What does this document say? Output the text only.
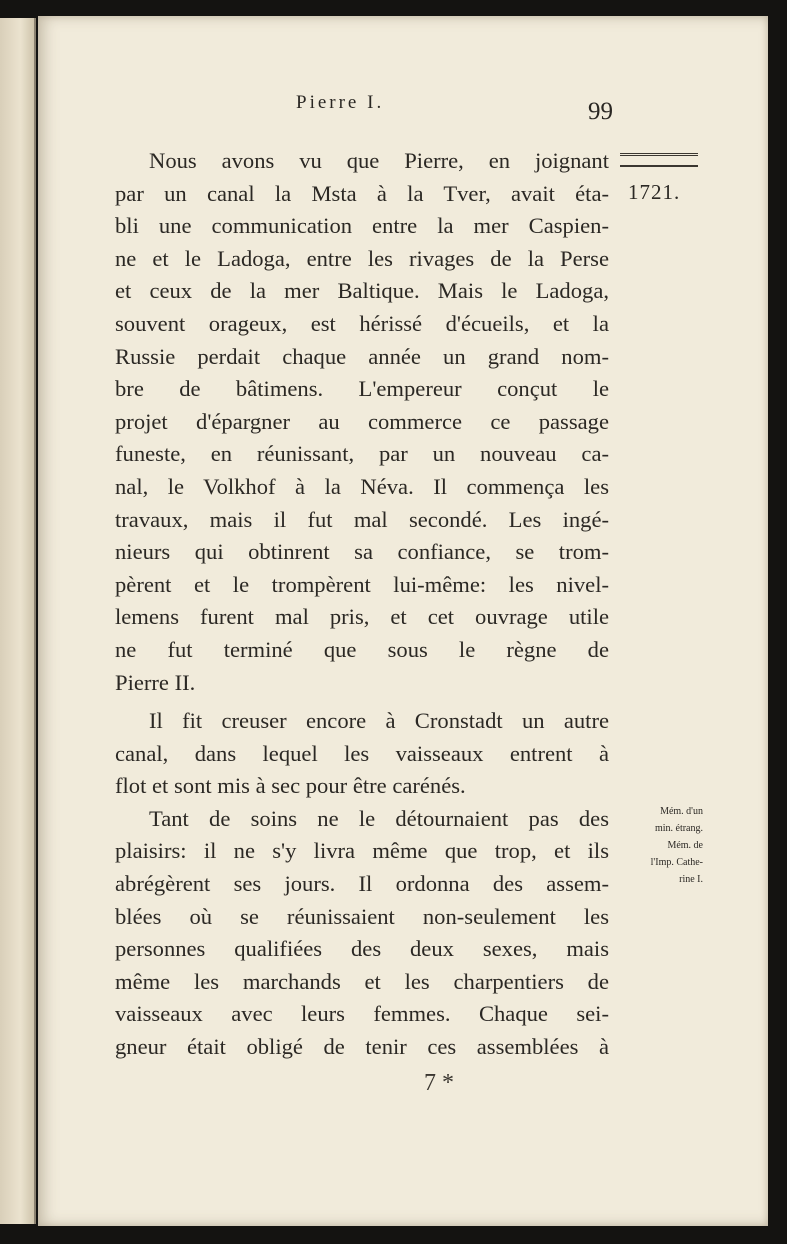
Pierre I.	99
1721.
Nous avons vu que Pierre, en joignant
par un canal la Msta à la Tver, avait éta-
bli une communication entre la mer Caspien-
ne et le Ladoga, entre les rivages de la Perse
et ceux de la mer Baltique. Mais le Ladoga,
souvent orageux, est hérissé d'écueils, et la
Russie perdait chaque année un grand nom-
bre de bâtimens. L'empereur conçut le
projet d'épargner au commerce ce passage
funeste, en réunissant, par un nouveau ca-
nal, le Volkhof à la Néva. Il commença les
travaux, mais il fut mal secondé. Les ingé-
nieurs qui obtinrent sa confiance, se trom-
pèrent et le trompèrent lui-même: les nivel-
lemens furent mal pris, et cet ouvrage utile
ne fut terminé que sous le règne de
Pierre II.
Il fit creuser encore à Cronstadt un autre
canal, dans lequel les vaisseaux entrent à
flot et sont mis à sec pour être carénés.
Tant de soins ne le détournaient pas des
plaisirs: il ne s'y livra même que trop, et ils
abrégèrent ses jours. Il ordonna des assem-
blées où se réunissaient non-seulement les
personnes qualifiées des deux sexes, mais
même les marchands et les charpentiers de
vaisseaux avec leurs femmes. Chaque sei-
gneur était obligé de tenir ces assemblées à
Mém. d'un
min. étrang.
Mém. de
l'Imp. Cathe-
rine I.
7 *
